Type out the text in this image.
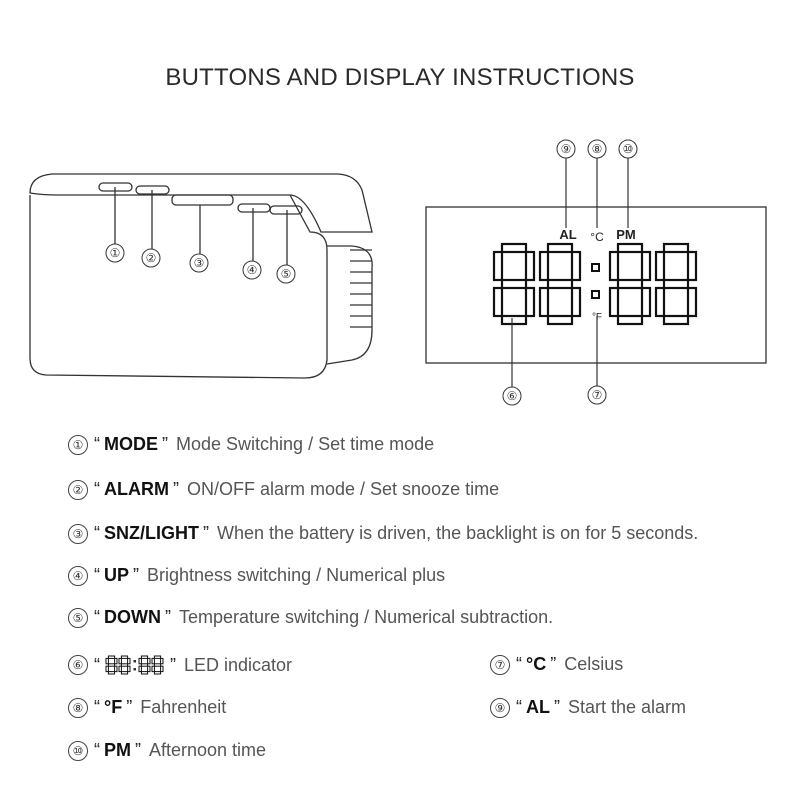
BUTTONS AND DISPLAY INSTRUCTIONS
① ②	③	④ ⑤
AL °C PM
°F
⑨ ⑧ ⑩
⑥	⑦
① “ MODE ” Mode Switching / Set time mode
② “ ALARM ” ON/OFF alarm mode / Set snooze time
③ “ SNZ/LIGHT ” When the battery is driven, the backlight is on for 5 seconds.
④ “ UP ” Brightness switching / Numerical plus
⑤ “ DOWN ” Temperature switching / Numerical subtraction.
⑥ “	” LED indicator	⑦ “ °C ” Celsius
⑧ “ °F ” Fahrenheit	⑨ “ AL ” Start the alarm
⑩ “ PM ” Afternoon time
